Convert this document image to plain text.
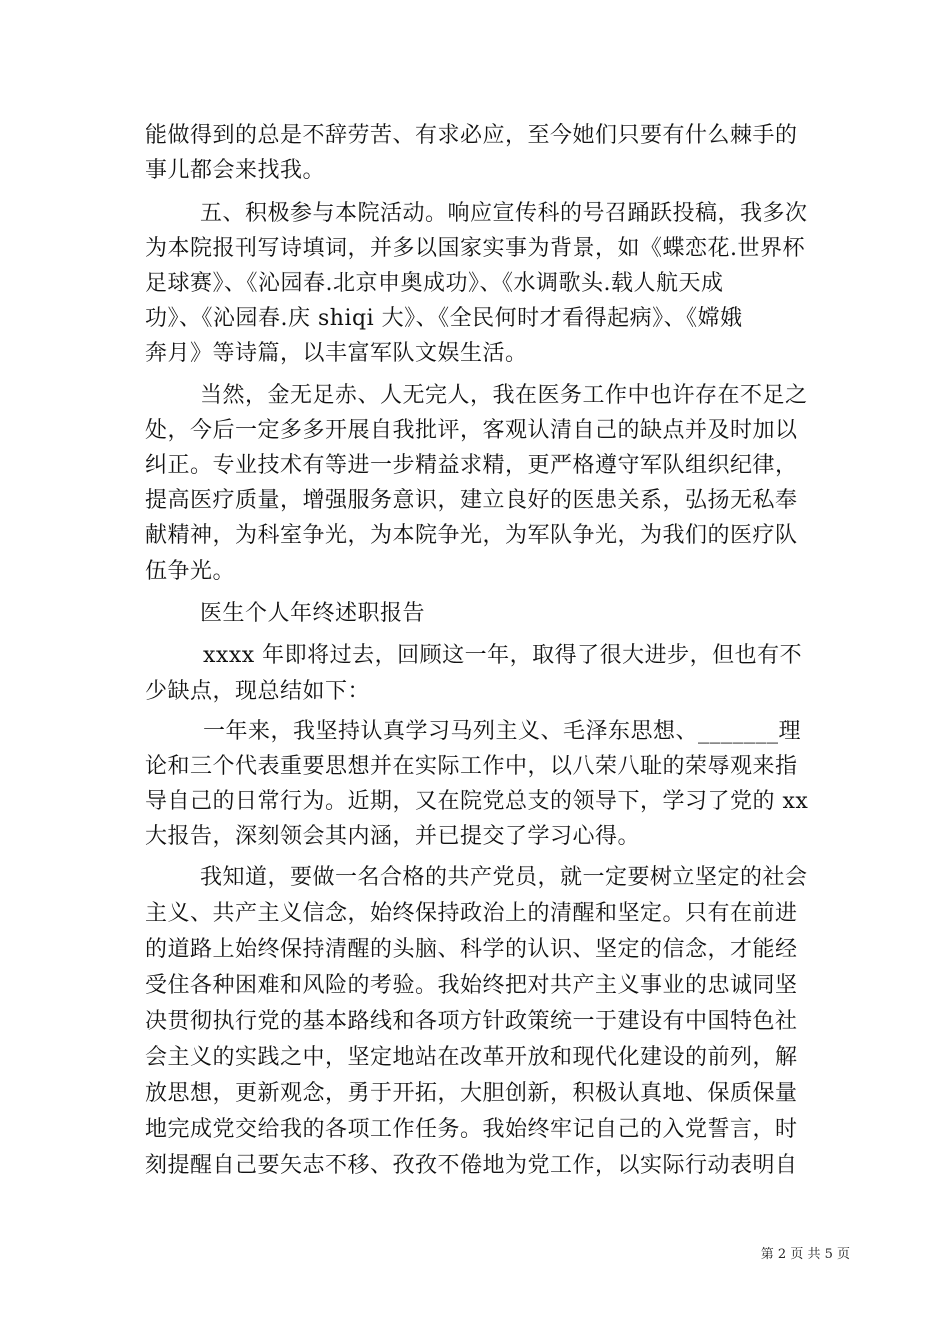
能做得到的总是不辞劳苦、有求必应，至今她们只要有什么棘手的
事儿都会来找我。
五、积极参与本院活动。响应宣传科的号召踊跃投稿，我多次
为本院报刊写诗填词，并多以国家实事为背景，如《蝶恋花.世界杯
足球赛》、《沁园春.北京申奥成功》、《水调歌头.载人航天成
功》、《沁园春.庆 shiqi 大》、《全民何时才看得起病》、《嫦娥
奔月》等诗篇，以丰富军队文娱生活。
当然，金无足赤、人无完人，我在医务工作中也许存在不足之
处，今后一定多多开展自我批评，客观认清自己的缺点并及时加以
纠正。专业技术有等进一步精益求精，更严格遵守军队组织纪律，
提高医疗质量，增强服务意识，建立良好的医患关系，弘扬无私奉
献精神，为科室争光，为本院争光，为军队争光，为我们的医疗队
伍争光。
医生个人年终述职报告
xxxx 年即将过去，回顾这一年，取得了很大进步，但也有不
少缺点，现总结如下：
一年来，我坚持认真学习马列主义、毛泽东思想、_______理
论和三个代表重要思想并在实际工作中，以八荣八耻的荣辱观来指
导自己的日常行为。近期，又在院党总支的领导下，学习了党的 xx
大报告，深刻领会其内涵，并已提交了学习心得。
我知道，要做一名合格的共产党员，就一定要树立坚定的社会
主义、共产主义信念，始终保持政治上的清醒和坚定。只有在前进
的道路上始终保持清醒的头脑、科学的认识、坚定的信念，才能经
受住各种困难和风险的考验。我始终把对共产主义事业的忠诚同坚
决贯彻执行党的基本路线和各项方针政策统一于建设有中国特色社
会主义的实践之中，坚定地站在改革开放和现代化建设的前列，解
放思想，更新观念，勇于开拓，大胆创新，积极认真地、保质保量
地完成党交给我的各项工作任务。我始终牢记自己的入党誓言，时
刻提醒自己要矢志不移、孜孜不倦地为党工作，以实际行动表明自
第 2 页 共 5 页
